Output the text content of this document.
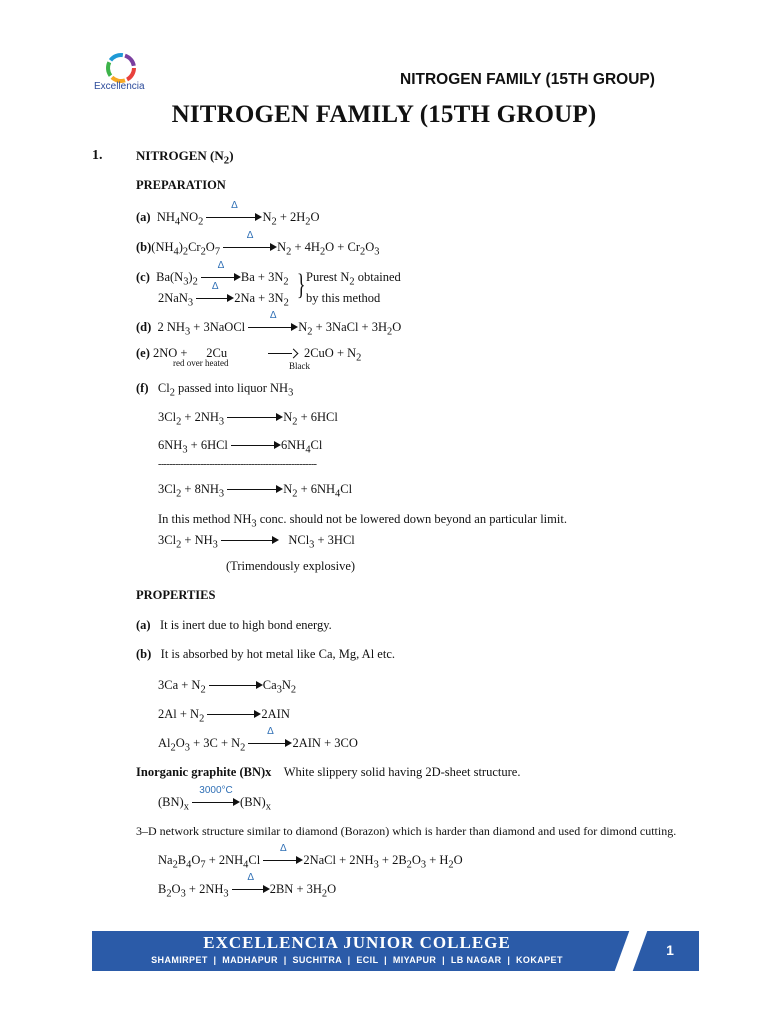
Excellencia	NITROGEN FAMILY (15TH GROUP)
NITROGEN FAMILY (15TH GROUP)
1.	NITROGEN $(N_2)$
PREPARATION
(a)  $NH_4NO_2$
Δ
$N_2 + 2H_2O$
$(b)(NH_4)_2Cr_2O_7$
Δ
$N_2 + 4H_2O + Cr_2O_3$
(c)  $Ba(N_3)_2$
Δ
$Ba + 3N_2$
2NaN$_3$
Δ
$2Na + 3N_2$
} Purest $N_2$ obtained
by this method
(d)  2 $NH_3$ + 3NaOCl
Δ
$N_2$ + 3NaCl + $3H_2O$
(e) 2NO +      $2Cu \to 2CuO + N_2$
red over heated	Black
(f) $Cl_2$ passed into liquor $NH_3$
$3Cl_2 + 2NH_3$	$N_2 + 6HCl$
$6NH_3 + 6HCl$	$6NH_4Cl$
--------------------------------------------------------
$3Cl_2 + 8NH_3$	$N_2 + 6NH_4Cl$
In this method $NH_3$ conc. should not be lowered down beyond an particular limit.
$3Cl_2 + NH_3$	NCl$_3$ + 3HCl
(Trimendously explosive)
PROPERTIES
(a) It is inert due to high bond energy.
(b) It is absorbed by hot metal like Ca, Mg, Al etc.
$3Ca + N_2$	$Ca_3N_2$
$2Al + N_2$	2AIN
$Al_2O_3 + 3C + N_2$
Δ
2AIN + 3CO
Inorganic graphite (BN)x White slippery solid having 2D-sheet structure.
$(BN)_x$
3000°C
$(BN)_x$
3–D network structure similar to diamond (Borazon) which is harder than diamond and used for dimond cutting.
$Na_2B_4O_7 + 2NH_4Cl$
Δ
2NaCl + $2NH_3 + 2B_2O_3 + H_2O$
$B_2O_3 + 2NH_3$
Δ
$2BN + 3H_2O$
EXCELLENCIA JUNIOR COLLEGE
SHAMIRPET  |  MADHAPUR  |  SUCHITRA  |  ECIL  |  MIYAPUR  |  LB NAGAR  |  KOKAPET
1
